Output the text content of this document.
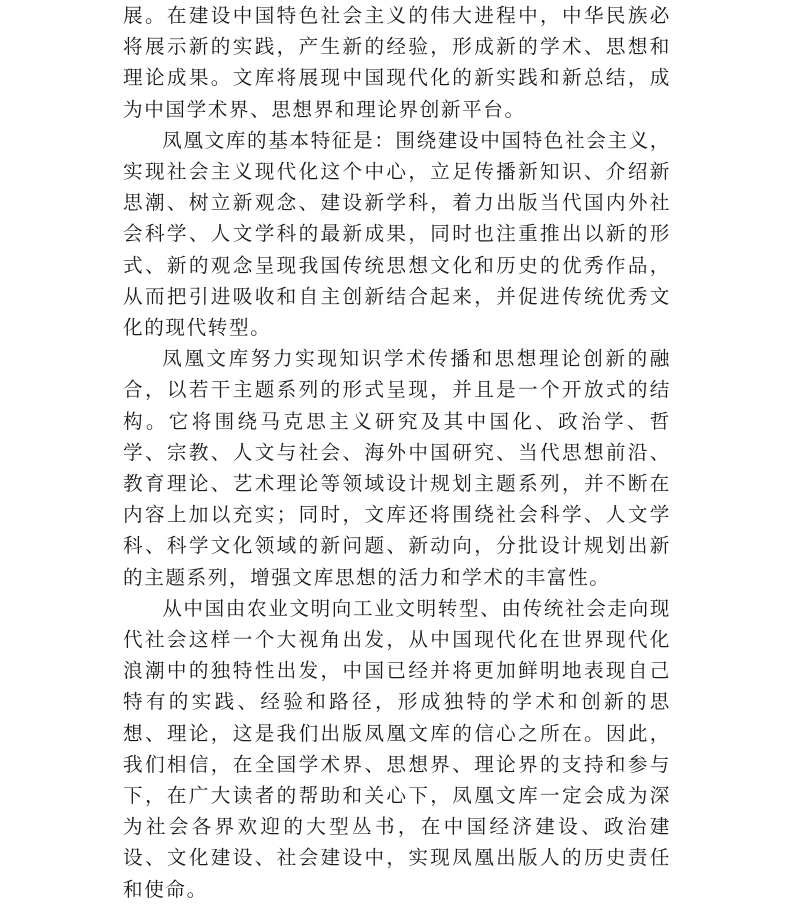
展。在建设中国特色社会主义的伟大进程中，中华民族必将展示新的实践，产生新的经验，形成新的学术、思想和理论成果。文库将展现中国现代化的新实践和新总结，成为中国学术界、思想界和理论界创新平台。

凤凰文库的基本特征是：围绕建设中国特色社会主义，实现社会主义现代化这个中心，立足传播新知识、介绍新思潮、树立新观念、建设新学科，着力出版当代国内外社会科学、人文学科的最新成果，同时也注重推出以新的形式、新的观念呈现我国传统思想文化和历史的优秀作品，从而把引进吸收和自主创新结合起来，并促进传统优秀文化的现代转型。

凤凰文库努力实现知识学术传播和思想理论创新的融合，以若干主题系列的形式呈现，并且是一个开放式的结构。它将围绕马克思主义研究及其中国化、政治学、哲学、宗教、人文与社会、海外中国研究、当代思想前沿、教育理论、艺术理论等领域设计规划主题系列，并不断在内容上加以充实；同时，文库还将围绕社会科学、人文学科、科学文化领域的新问题、新动向，分批设计规划出新的主题系列，增强文库思想的活力和学术的丰富性。

从中国由农业文明向工业文明转型、由传统社会走向现代社会这样一个大视角出发，从中国现代化在世界现代化浪潮中的独特性出发，中国已经并将更加鲜明地表现自己特有的实践、经验和路径，形成独特的学术和创新的思想、理论，这是我们出版凤凰文库的信心之所在。因此，我们相信，在全国学术界、思想界、理论界的支持和参与下，在广大读者的帮助和关心下，凤凰文库一定会成为深为社会各界欢迎的大型丛书，在中国经济建设、政治建设、文化建设、社会建设中，实现凤凰出版人的历史责任和使命。
